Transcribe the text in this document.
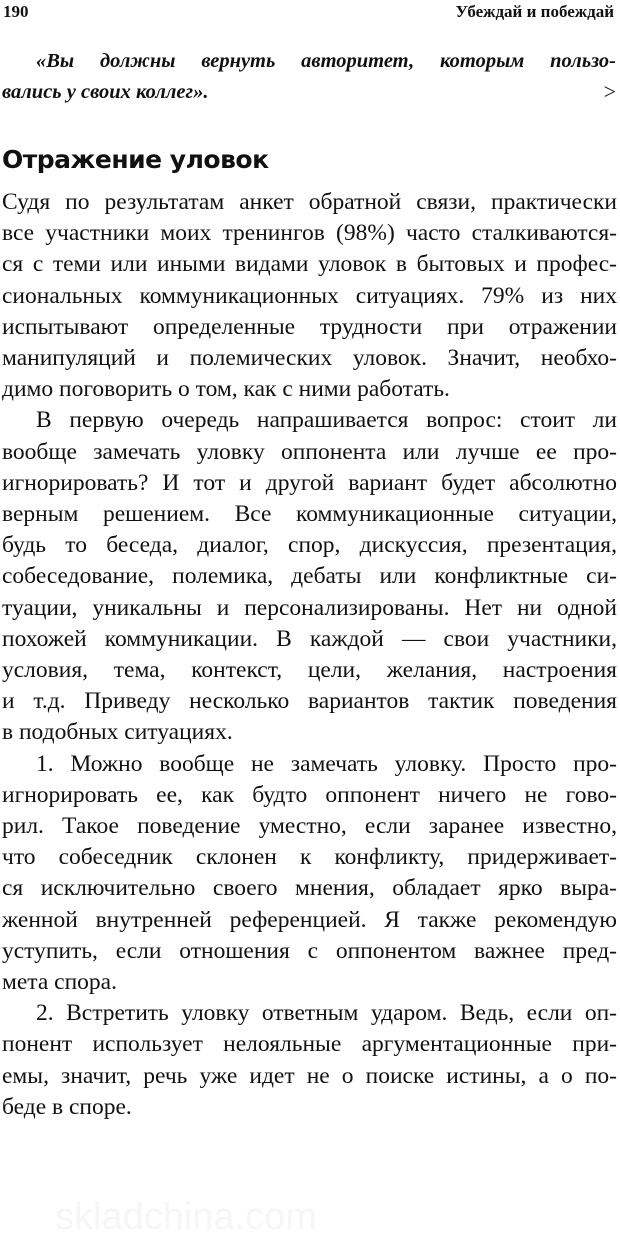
190	Убеждай и побеждай
«Вы должны вернуть авторитет, которым пользо-
вались у своих коллег».	>
Отражение уловок
Судя по результатам анкет обратной связи, практически
все участники моих тренингов (98%) часто сталкиваются-
ся с теми или иными видами уловок в бытовых и профес-
сиональных коммуникационных ситуациях. 79% из них
испытывают определенные трудности при отражении
манипуляций и полемических уловок. Значит, необхо-
димо поговорить о том, как с ними работать.
В первую очередь напрашивается вопрос: стоит ли
вообще замечать уловку оппонента или лучше ее про-
игнорировать? И тот и другой вариант будет абсолютно
верным решением. Все коммуникационные ситуации,
будь то беседа, диалог, спор, дискуссия, презентация,
собеседование, полемика, дебаты или конфликтные си-
туации, уникальны и персонализированы. Нет ни одной
похожей коммуникации. В каждой — свои участники,
условия, тема, контекст, цели, желания, настроения
и т.д. Приведу несколько вариантов тактик поведения
в подобных ситуациях.
1. Можно вообще не замечать уловку. Просто про-
игнорировать ее, как будто оппонент ничего не гово-
рил. Такое поведение уместно, если заранее известно,
что собеседник склонен к конфликту, придерживает-
ся исключительно своего мнения, обладает ярко выра-
женной внутренней референцией. Я также рекомендую
уступить, если отношения с оппонентом важнее пред-
мета спора.
2. Встретить уловку ответным ударом. Ведь, если оп-
понент использует нелояльные аргументационные при-
емы, значит, речь уже идет не о поиске истины, а о по-
беде в споре.
skladchina.com
